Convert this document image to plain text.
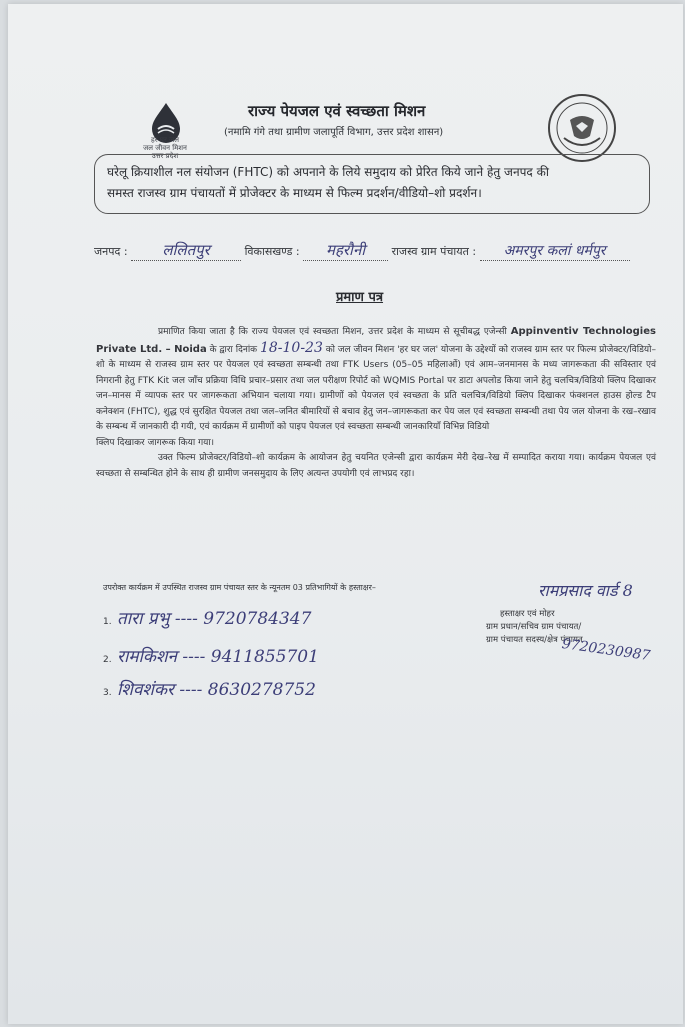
हर घर जल
जल जीवन मिशन
उत्तर प्रदेश
राज्य पेयजल एवं स्वच्छता मिशन
(नमामि गंगे तथा ग्रामीण जलापूर्ति विभाग, उत्तर प्रदेश शासन)
घरेलू क्रियाशील नल संयोजन (FHTC) को अपनाने के लिये समुदाय को प्रेरित किये जाने हेतु जनपद की
समस्त राजस्व ग्राम पंचायतों में प्रोजेक्टर के माध्यम से फिल्म प्रदर्शन/वीडियो–शो प्रदर्शन।
जनपद : ललितपुर	विकासखण्ड : महरौनी राजस्व ग्राम पंचायत : अमरपुर कलां धर्मपुर
प्रमाण पत्र

प्रमाणित किया जाता है कि राज्य पेयजल एवं स्वच्छता मिशन, उत्तर प्रदेश के माध्यम से सूचीबद्ध एजेन्सी Appinventiv Technologies Private Ltd. – Noida के द्वारा दिनांक 18-10-23 को जल जीवन मिशन 'हर घर जल' योजना के उद्देश्यों को राजस्व ग्राम स्तर पर फिल्म प्रोजेक्टर/विडियो–शो के माध्यम से राजस्व ग्राम स्तर पर पेयजल एवं स्वच्छता सम्बन्धी तथा FTK Users (05–05 महिलाओं) एवं आम–जनमानस के मध्य जागरूकता की सविस्तार एवं निगरानी हेतु FTK Kit जल जाँच प्रक्रिया विधि प्रचार–प्रसार तथा जल परीक्षण रिपोर्ट को WQMIS Portal पर डाटा अपलोड किया जाने हेतु चलचित्र/विडियो क्लिप दिखाकर जन–मानस में व्यापक स्तर पर जागरूकता अभियान चलाया गया। ग्रामीणों को पेयजल एवं स्वच्छता के प्रति चलचित्र/विडियो क्लिप दिखाकर फंक्शनल हाउस होल्ड टैप कनेक्शन (FHTC), शुद्ध एवं सुरक्षित पेयजल तथा जल–जनित बीमारियों से बचाव हेतु जन–जागरूकता कर पेय जल एवं स्वच्छता सम्बन्धी तथा पेय जल योजना के रख–रखाव के सम्बन्ध में जानकारी दी गयी, एवं कार्यक्रम में ग्रामीणों को पाइप पेयजल एवं स्वच्छता सम्बन्धी जानकारियाँ विभिन्न विडियो

क्लिप दिखाकर जागरूक किया गया।

उक्त फिल्म प्रोजेक्टर/विडियो–शो कार्यक्रम के आयोजन हेतु चयनित एजेन्सी द्वारा कार्यक्रम मेरी देख–रेख में सम्पादित कराया गया। कार्यक्रम पेयजल एवं स्वच्छता से सम्बन्धित होने के साथ ही ग्रामीण जनसमुदाय के लिए अत्यन्त उपयोगी एवं लाभप्रद रहा।

उपरोक्त कार्यक्रम में उपस्थित राजस्व ग्राम पंचायत स्तर के न्यूनतम 03 प्रतिभागियों के हस्ताक्षर–
1. तारा प्रभु ---- 9720784347
2. रामकिशन ---- 9411855701
3. शिवशंकर ---- 8630278752
रामप्रसाद वार्ड 8
हस्ताक्षर एवं मोहर
ग्राम प्रधान/सचिव ग्राम पंचायत/
ग्राम पंचायत सदस्य/क्षेत्र पंचायत
9720230987
